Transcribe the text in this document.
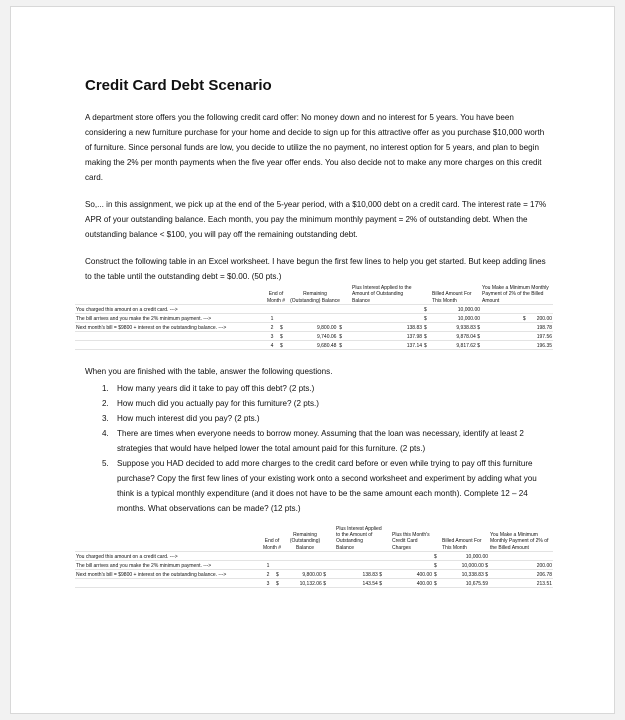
Credit Card Debt Scenario

A department store offers you the following credit card offer: No money down and no interest for 5 years. You have been considering a new furniture purchase for your home and decide to sign up for this attractive offer as you purchase $10,000 worth of furniture. Since personal funds are low, you decide to utilize the no payment, no interest option for 5 years, and plan to begin making the 2% per month payments when the five year offer ends. You also decide not to make any more charges on this credit card.

So,... in this assignment, we pick up at the end of the 5-year period, with a $10,000 debt on a credit card. The interest rate = 17% APR of your outstanding balance. Each month, you pay the minimum monthly payment = 2% of outstanding debt. When the outstanding balance < $100, you will pay off the remaining outstanding debt.

Construct the following table in an Excel worksheet. I have begun the first few lines to help you get started. But keep adding lines to the table until the outstanding debt = $0.00. (50 pts.)

	End of Month #		Remaining (Outstanding) Balance		Plus Interest Applied to the Amount of Outstanding Balance		Billed Amount For This Month	You Make a Minimum Monthly Payment of 2% of the Billed Amount
You charged this amount on a credit card. --->						$	10,000.00	
The bill arrives and you make the 2% minimum payment. --->	1					$	10,000.00	$ 200.00
Next month's bill = $9800 + interest on the outstanding balance. --->	2	$	9,800.00 $		138.83	$	9,938.83 $	198.78
	3	$	9,740.06 $		137.98	$	9,878.04 $	197.56
	4	$	9,680.48 $		137.14	$	9,817.62 $	196.35

When you are finished with the table, answer the following questions.

1. How many years did it take to pay off this debt? (2 pts.)
2. How much did you actually pay for this furniture? (2 pts.)
3. How much interest did you pay? (2 pts.)
4. There are times when everyone needs to borrow money. Assuming that the loan was necessary, identify at least 2 strategies that would have helped lower the total amount paid for this furniture. (2 pts.)
5. Suppose you HAD decided to add more charges to the credit card before or even while trying to pay off this furniture purchase? Copy the first few lines of your existing work onto a second worksheet and experiment by adding what you think is a typical monthly expenditure (and it does not have to be the same amount each month). Complete 12 – 24 months. What observations can be made? (12 pts.)
	End of Month #		Remaining (Outstanding) Balance		Plus Interest Applied to the Amount of Outstanding Balance		Plus this Month's Credit Card Charges		Billed Amount For This Month	You Make a Minimum Monthly Payment of 2% of the Billed Amount
You charged this amount on a credit card. --->								$	10,000.00	
The bill arrives and you make the 2% minimum payment. --->	1							$	10,000.00 $	200.00
Next month's bill = $9800 + interest on the outstanding balance. --->	2	$	9,800.00 $		138.83 $		400.00	$	10,338.83 $	206.78
	3	$	10,132.06 $		143.54 $		400.00	$	10,675.59	213.51
